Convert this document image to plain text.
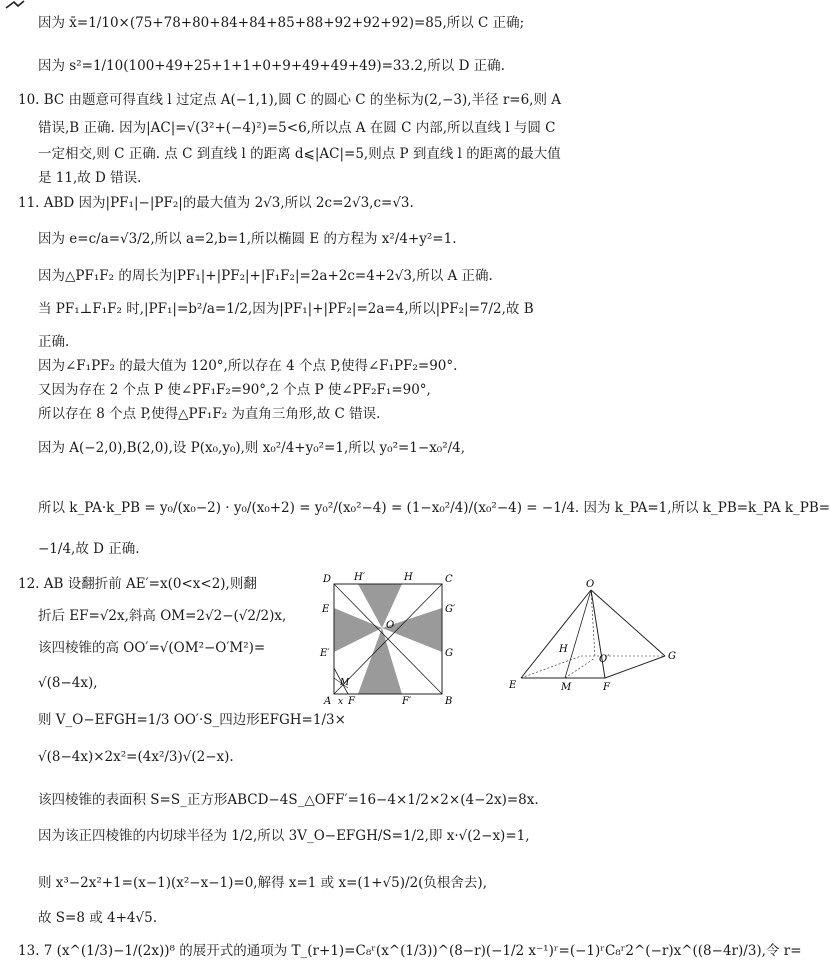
因为 x̄=1/10×(75+78+80+84+84+85+88+92+92+92)=85,所以 C 正确;
因为 s²=1/10(100+49+25+1+1+0+9+49+49+49)=33.2,所以 D 正确.
10. BC 由题意可得直线 l 过定点 A(−1,1),圆 C 的圆心 C 的坐标为(2,−3),半径 r=6,则 A
错误,B 正确. 因为|AC|=√(3²+(−4)²)=5<6,所以点 A 在圆 C 内部,所以直线 l 与圆 C
一定相交,则 C 正确. 点 C 到直线 l 的距离 d⩽|AC|=5,则点 P 到直线 l 的距离的最大值
是 11,故 D 错误.
11. ABD 因为|PF₁|−|PF₂|的最大值为 2√3,所以 2c=2√3,c=√3.
因为 e=c/a=√3/2,所以 a=2,b=1,所以椭圆 E 的方程为 x²/4+y²=1.
因为△PF₁F₂ 的周长为|PF₁|+|PF₂|+|F₁F₂|=2a+2c=4+2√3,所以 A 正确.
当 PF₁⊥F₁F₂ 时,|PF₁|=b²/a=1/2,因为|PF₁|+|PF₂|=2a=4,所以|PF₂|=7/2,故 B
正确.
因为∠F₁PF₂ 的最大值为 120°,所以存在 4 个点 P,使得∠F₁PF₂=90°.
又因为存在 2 个点 P 使∠PF₁F₂=90°,2 个点 P 使∠PF₂F₁=90°,
所以存在 8 个点 P,使得△PF₁F₂ 为直角三角形,故 C 错误.
因为 A(−2,0),B(2,0),设 P(x₀,y₀),则 x₀²/4+y₀²=1,所以 y₀²=1−x₀²/4,
所以 k_PA·k_PB = y₀/(x₀−2) · y₀/(x₀+2) = y₀²/(x₀²−4) = (1−x₀²/4)/(x₀²−4) = −1/4. 因为 k_PA=1,所以 k_PB=k_PA k_PB=
−1/4,故 D 正确.
12. AB 设翻折前 AE′=x(0<x<2),则翻
折后 EF=√2x,斜高 OM=2√2−(√2/2)x,
该四棱锥的高 OO′=√(OM²−O′M²)=
√(8−4x),
则 V_O−EFGH=1/3 OO′·S_四边形EFGH=1/3×
√(8−4x)×2x²=(4x²/3)√(2−x).
该四棱锥的表面积 S=S_正方形ABCD−4S_△OFF′=16−4×1/2×2×(4−2x)=8x.
因为该正四棱锥的内切球半径为 1/2,所以 3V_O−EFGH/S=1/2,即 x·√(2−x)=1,
则 x³−2x²+1=(x−1)(x²−x−1)=0,解得 x=1 或 x=(1+√5)/2(负根舍去),
故 S=8 或 4+4√5.
13. 7 (x^(1/3)−1/(2x))⁸ 的展开式的通项为 T_(r+1)=C₈ʳ(x^(1/3))^(8−r)(−1/2 x⁻¹)ʳ=(−1)ʳC₈ʳ2^(−r)x^((8−4r)/3),令 r=
D H′	H	C
E	G′
O
E′	G
M
A x F	F′	B
O
H
O′	G
E	M	F
